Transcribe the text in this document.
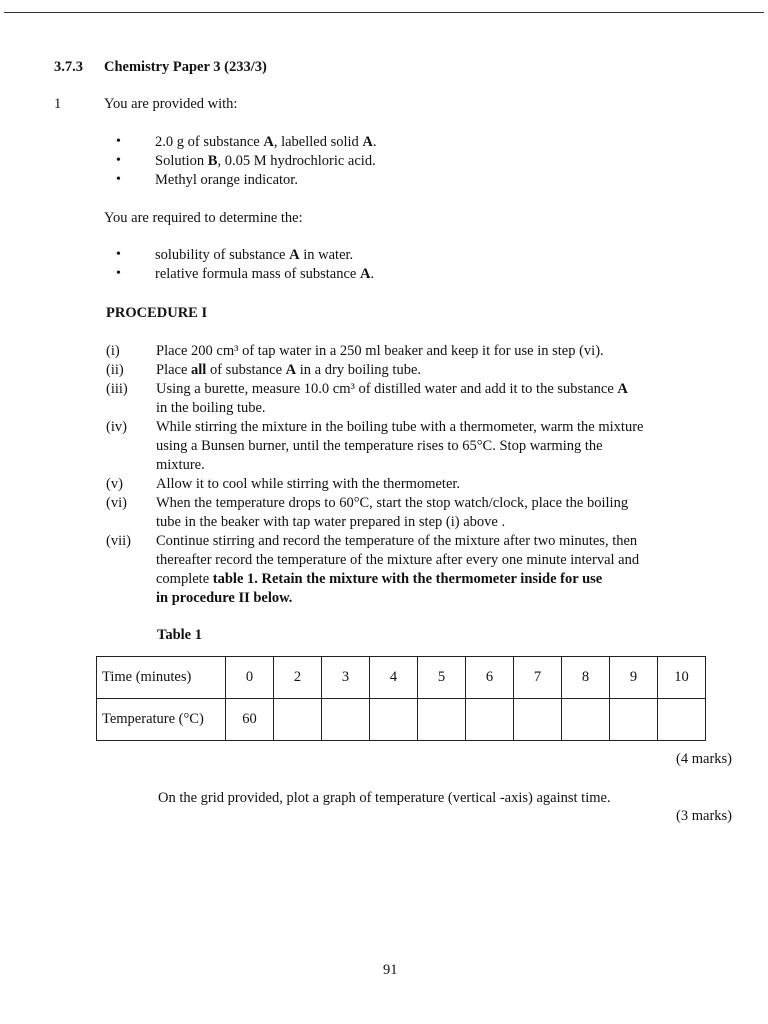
3.7.3 Chemistry Paper 3 (233/3)
1	You are provided with:
• 2.0 g of substance A, labelled solid A.
• Solution B, 0.05 M hydrochloric acid.
• Methyl orange indicator.
You are required to determine the:
• solubility of substance A in water.
• relative formula mass of substance A.
PROCEDURE I
(i)	Place 200 cm³ of tap water in a 250 ml beaker and keep it for use in step (vi).
(ii) Place all of substance A in a dry boiling tube.
(iii) Using a burette, measure 10.0 cm³ of distilled water and add it to the substance A
in the boiling tube.
(iv) While stirring the mixture in the boiling tube with a thermometer, warm the mixture
using a Bunsen burner, until the temperature rises to 65°C. Stop warming the
mixture.
(v) Allow it to cool while stirring with the thermometer.
(vi) When the temperature drops to 60°C, start the stop watch/clock, place the boiling
tube in the beaker with tap water prepared in step (i) above .
(vii) Continue stirring and record the temperature of the mixture after two minutes, then
thereafter record the temperature of the mixture after every one minute interval and
complete table 1. Retain the mixture with the thermometer inside for use
in procedure II below.
Table 1
Time (minutes)	0	2	3	4	5	6	7	8	9	10
Temperature (°C)	60									
(4 marks)
On the grid provided, plot a graph of temperature (vertical -axis) against time.
(3 marks)
91
